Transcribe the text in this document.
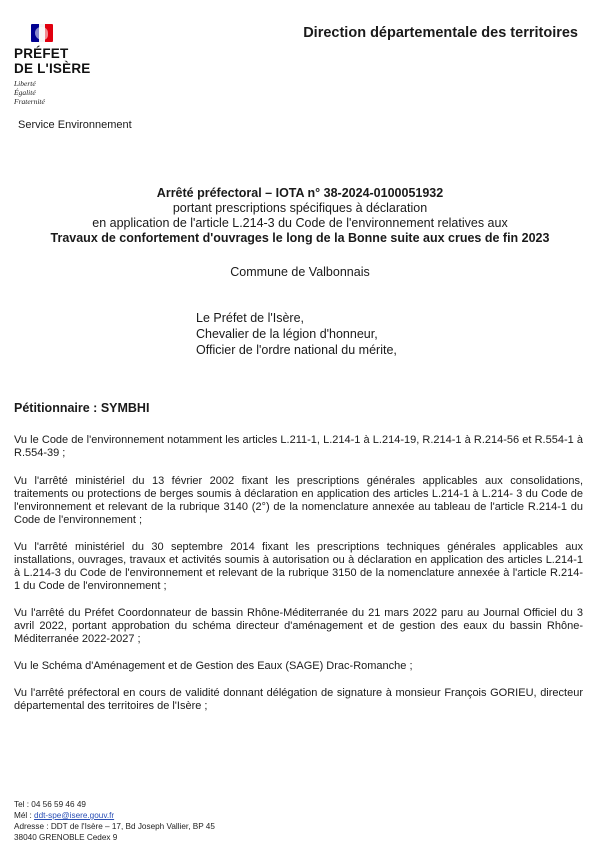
PRÉFET
DE L'ISÈRE
Liberté
Égalité
Fraternité
Direction départementale des territoires
Service Environnement
Arrêté préfectoral – IOTA n° 38-2024-0100051932
portant prescriptions spécifiques à déclaration
en application de l'article L.214-3 du Code de l'environnement relatives aux
Travaux de confortement d'ouvrages le long de la Bonne suite aux crues de fin 2023
Commune de Valbonnais
Le Préfet de l'Isère,
Chevalier de la légion d'honneur,
Officier de l'ordre national du mérite,
Pétitionnaire : SYMBHI
Vu le Code de l'environnement notamment les articles L.211-1, L.214-1 à L.214-19, R.214-1 à R.214-56 et R.554-1 à R.554-39 ;
Vu l'arrêté ministériel du 13 février 2002 fixant les prescriptions générales applicables aux consolidations, traitements ou protections de berges soumis à déclaration en application des articles L.214-1 à L.214- 3 du Code de l'environnement et relevant de la rubrique 3140 (2°) de la nomenclature annexée au tableau de l'article R.214-1 du Code de l'environnement ;
Vu l'arrêté ministériel du 30 septembre 2014 fixant les prescriptions techniques générales applicables aux installations, ouvrages, travaux et activités soumis à autorisation ou à déclaration en application des articles L.214-1 à L.214-3 du Code de l'environnement et relevant de la rubrique 3150 de la nomenclature annexée à l'article R.214-1 du Code de l'environnement ;
Vu l'arrêté du Préfet Coordonnateur de bassin Rhône-Méditerranée du 21 mars 2022 paru au Journal Officiel du 3 avril 2022, portant approbation du schéma directeur d'aménagement et de gestion des eaux du bassin Rhône-Méditerranée 2022-2027 ;
Vu le Schéma d'Aménagement et de Gestion des Eaux (SAGE) Drac-Romanche ;
Vu l'arrêté préfectoral en cours de validité donnant délégation de signature à monsieur François GORIEU, directeur départemental des territoires de l'Isère ;
Tel : 04 56 59 46 49
Mél : ddt-spe@isere.gouv.fr
Adresse : DDT de l'Isère – 17, Bd Joseph Vallier, BP 45
38040 GRENOBLE Cedex 9
